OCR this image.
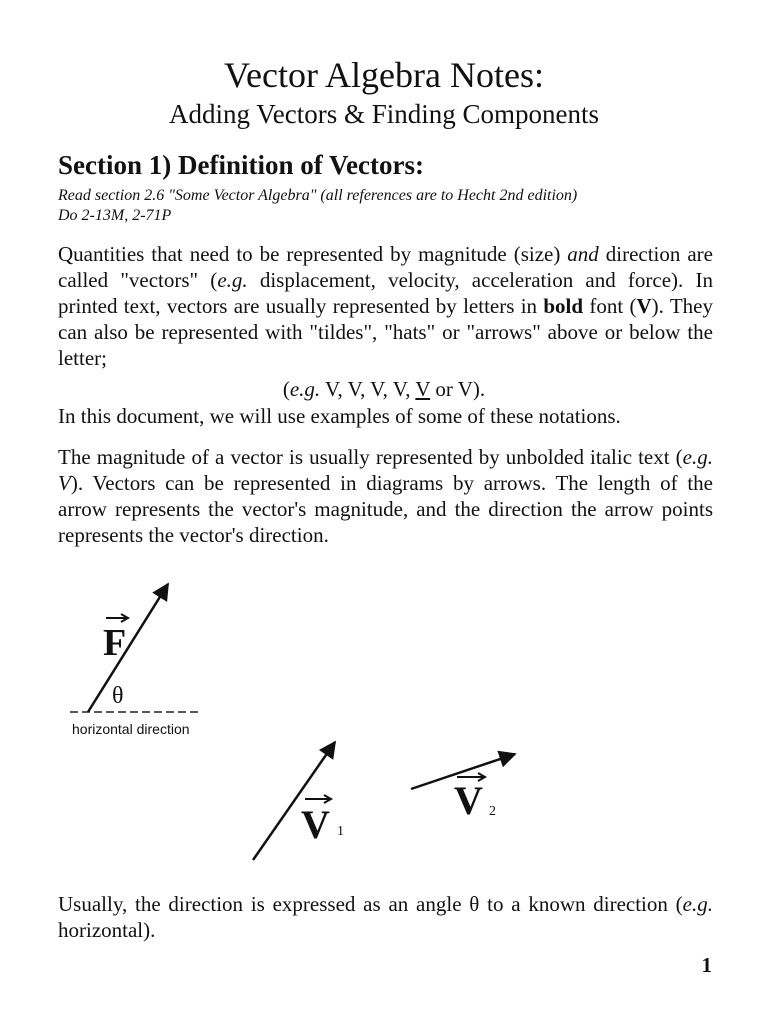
Vector Algebra Notes:
Adding Vectors & Finding Components
Section 1) Definition of Vectors:
Read section 2.6 "Some Vector Algebra" (all references are to Hecht 2nd edition)
Do 2-13M, 2-71P
Quantities that need to be represented by magnitude (size) and direction are called "vectors" (e.g. displacement, velocity, acceleration and force). In printed text, vectors are usually represented by letters in bold font (V). They can also be represented with "tildes", "hats" or "arrows" above or below the letter;
(e.g. V, V, V, V, V or V).
In this document, we will use examples of some of these notations.
The magnitude of a vector is usually represented by unbolded italic text (e.g. V). Vectors can be represented in diagrams by arrows. The length of the arrow represents the vector's magnitude, and the direction the arrow points represents the vector's direction.
F
θ
horizontal direction
V 1
V 2
Usually, the direction is expressed as an angle θ to a known direction (e.g. horizontal).
1
